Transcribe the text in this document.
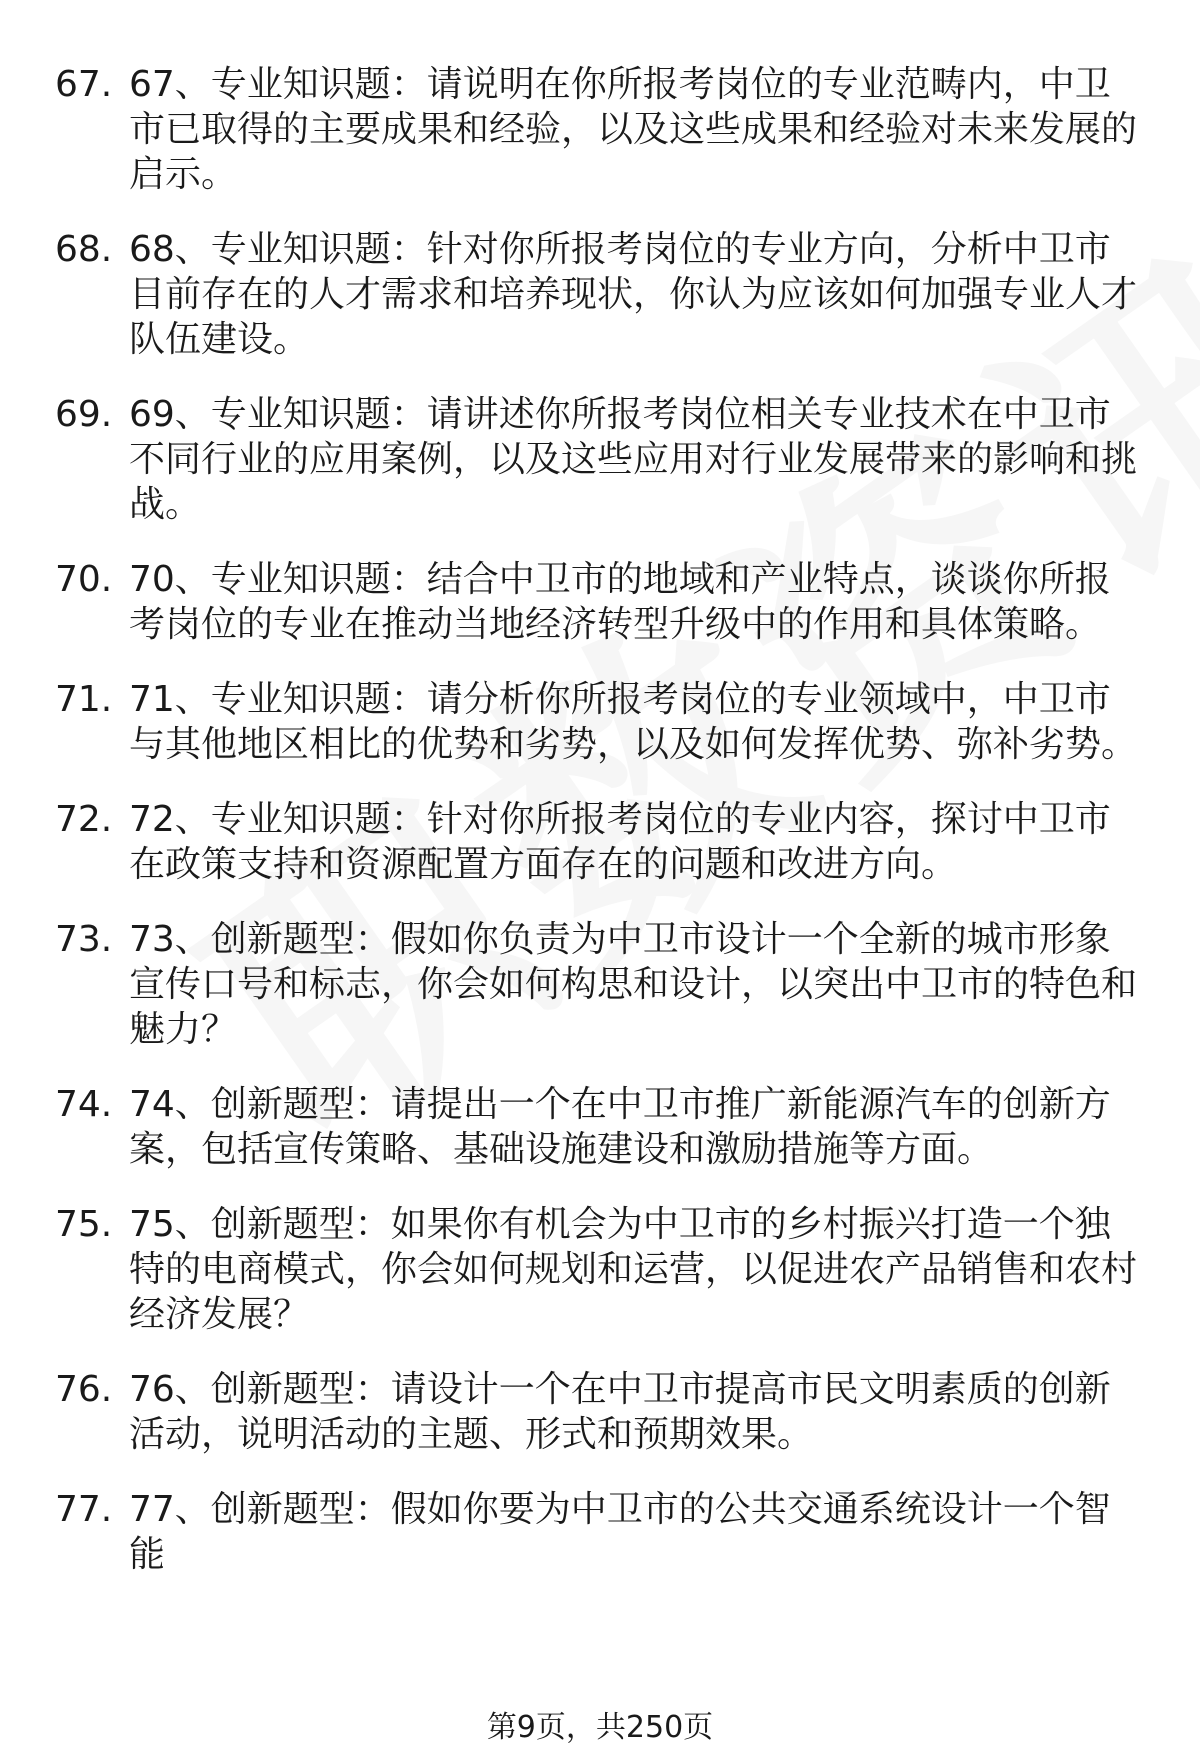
67. 67、专业知识题：请说明在你所报考岗位的专业范畴内，中卫市已取得的主要成果和经验，以及这些成果和经验对未来发展的启示。
68. 68、专业知识题：针对你所报考岗位的专业方向，分析中卫市目前存在的人才需求和培养现状，你认为应该如何加强专业人才队伍建设。
69. 69、专业知识题：请讲述你所报考岗位相关专业技术在中卫市不同行业的应用案例，以及这些应用对行业发展带来的影响和挑战。
70. 70、专业知识题：结合中卫市的地域和产业特点，谈谈你所报考岗位的专业在推动当地经济转型升级中的作用和具体策略。
71. 71、专业知识题：请分析你所报考岗位的专业领域中，中卫市与其他地区相比的优势和劣势，以及如何发挥优势、弥补劣势。
72. 72、专业知识题：针对你所报考岗位的专业内容，探讨中卫市在政策支持和资源配置方面存在的问题和改进方向。
73. 73、创新题型：假如你负责为中卫市设计一个全新的城市形象宣传口号和标志，你会如何构思和设计，以突出中卫市的特色和魅力？
74. 74、创新题型：请提出一个在中卫市推广新能源汽车的创新方案，包括宣传策略、基础设施建设和激励措施等方面。
75. 75、创新题型：如果你有机会为中卫市的乡村振兴打造一个独特的电商模式，你会如何规划和运营，以促进农产品销售和农村经济发展？
76. 76、创新题型：请设计一个在中卫市提高市民文明素质的创新活动，说明活动的主题、形式和预期效果。
77. 77、创新题型：假如你要为中卫市的公共交通系统设计一个智能
第9页，共250页
